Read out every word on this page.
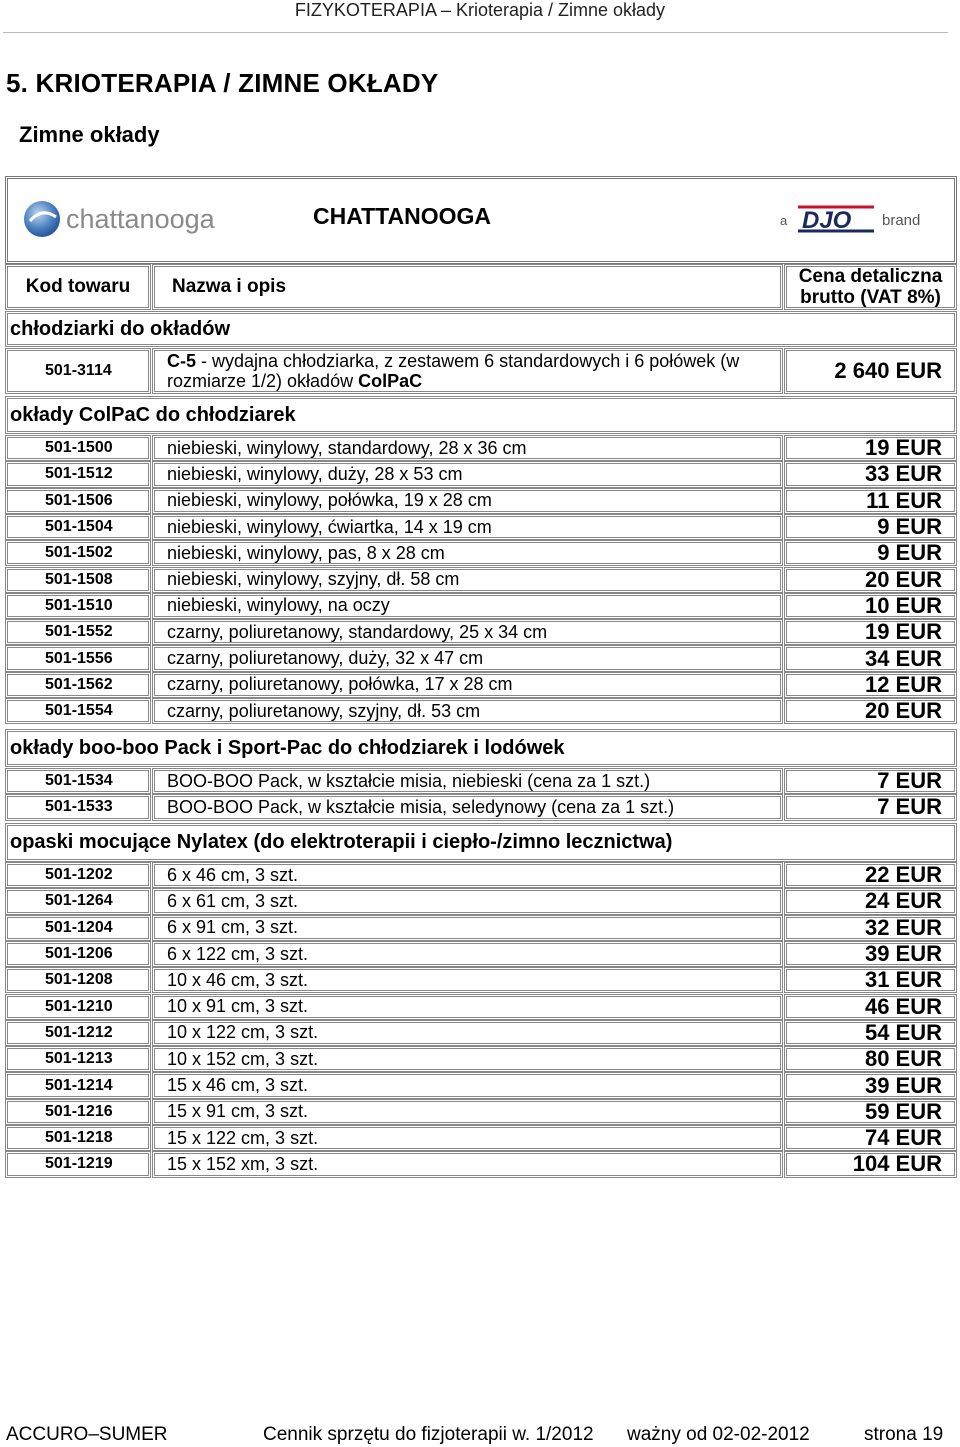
FIZYKOTERAPIA – Krioterapia / Zimne okłady
5. KRIOTERAPIA / ZIMNE OKŁADY
Zimne okłady
chattanooga	CHATTANOOGA	a DJO brand
Kod towaru	Nazwa i opis	Cena detaliczna
brutto (VAT 8%)
chłodziarki do okładów
501-3114	C-5 - wydajna chłodziarka, z zestawem 6 standardowych i 6 połówek (w
rozmiarze 1/2) okładów ColPaC	2 640 EUR
okłady ColPaC do chłodziarek
501-1500	niebieski, winylowy, standardowy, 28 x 36 cm	19 EUR
501-1512	niebieski, winylowy, duży, 28 x 53 cm	33 EUR
501-1506	niebieski, winylowy, połówka, 19 x 28 cm	11 EUR
501-1504	niebieski, winylowy, ćwiartka, 14 x 19 cm	9 EUR
501-1502	niebieski, winylowy, pas, 8 x 28 cm	9 EUR
501-1508	niebieski, winylowy, szyjny, dł. 58 cm	20 EUR
501-1510	niebieski, winylowy, na oczy	10 EUR
501-1552	czarny, poliuretanowy, standardowy, 25 x 34 cm	19 EUR
501-1556	czarny, poliuretanowy, duży, 32 x 47 cm	34 EUR
501-1562	czarny, poliuretanowy, połówka, 17 x 28 cm	12 EUR
501-1554	czarny, poliuretanowy, szyjny, dł. 53 cm	20 EUR
okłady boo-boo Pack i Sport-Pac do chłodziarek i lodówek
501-1534	BOO-BOO Pack, w kształcie misia, niebieski (cena za 1 szt.)	7 EUR
501-1533	BOO-BOO Pack, w kształcie misia, seledynowy (cena za 1 szt.)	7 EUR
opaski mocujące Nylatex (do elektroterapii i ciepło-/zimno lecznictwa)
501-1202	6 x 46 cm, 3 szt.	22 EUR
501-1264	6 x 61 cm, 3 szt.	24 EUR
501-1204	6 x 91 cm, 3 szt.	32 EUR
501-1206	6 x 122 cm, 3 szt.	39 EUR
501-1208	10 x 46 cm, 3 szt.	31 EUR
501-1210	10 x 91 cm, 3 szt.	46 EUR
501-1212	10 x 122 cm, 3 szt.	54 EUR
501-1213	10 x 152 cm, 3 szt.	80 EUR
501-1214	15 x 46 cm, 3 szt.	39 EUR
501-1216	15 x 91 cm, 3 szt.	59 EUR
501-1218	15 x 122 cm, 3 szt.	74 EUR
501-1219	15 x 152 xm, 3 szt.	104 EUR
ACCURO–SUMER	Cennik sprzętu do fizjoterapii w. 1/2012 ważny od 02-02-2012	strona 19
